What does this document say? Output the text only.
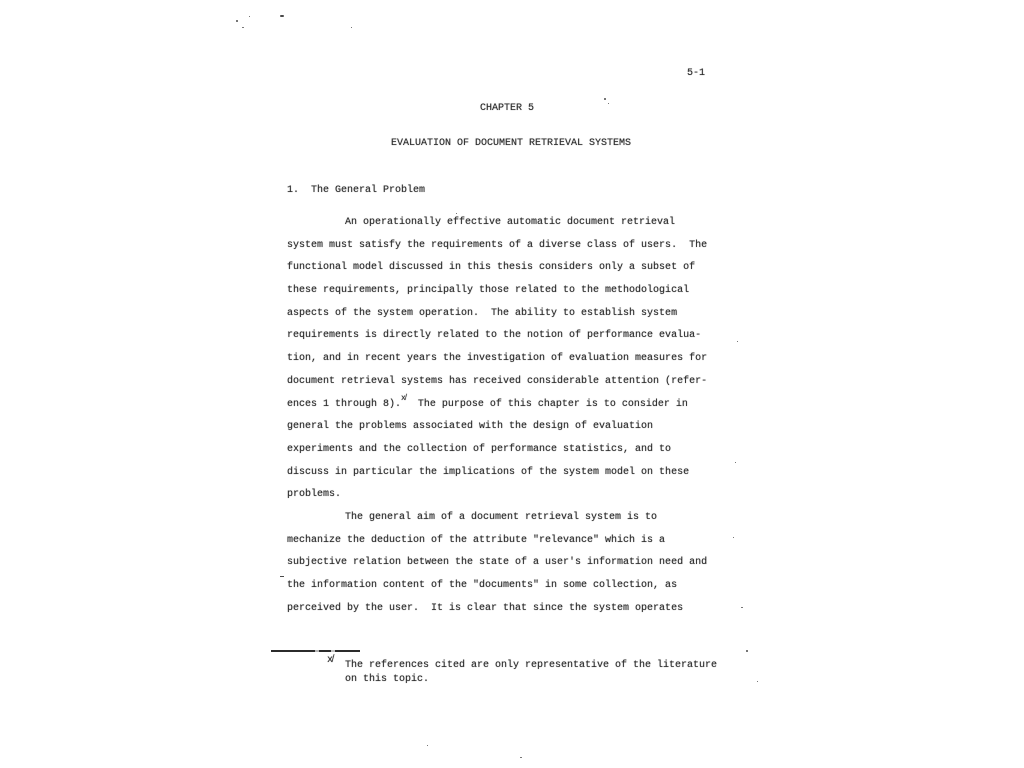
5-1
CHAPTER 5
EVALUATION OF DOCUMENT RETRIEVAL SYSTEMS
1.  The General Problem
An operationally effective automatic document retrieval
system must satisfy the requirements of a diverse class of users.  The
functional model discussed in this thesis considers only a subset of
these requirements, principally those related to the methodological
aspects of the system operation.  The ability to establish system
requirements is directly related to the notion of performance evalua-
tion, and in recent years the investigation of evaluation measures for
document retrieval systems has received considerable attention (refer-
ences 1 through 8).$^{x̸}$  The purpose of this chapter is to consider in
general the problems associated with the design of evaluation
experiments and the collection of performance statistics, and to
discuss in particular the implications of the system model on these
problems.
The general aim of a document retrieval system is to
mechanize the deduction of the attribute "relevance" which is a
subjective relation between the state of a user's information need and
the information content of the "documents" in some collection, as
perceived by the user.  It is clear that since the system operates
x̸ The references cited are only representative of the literature
on this topic.
